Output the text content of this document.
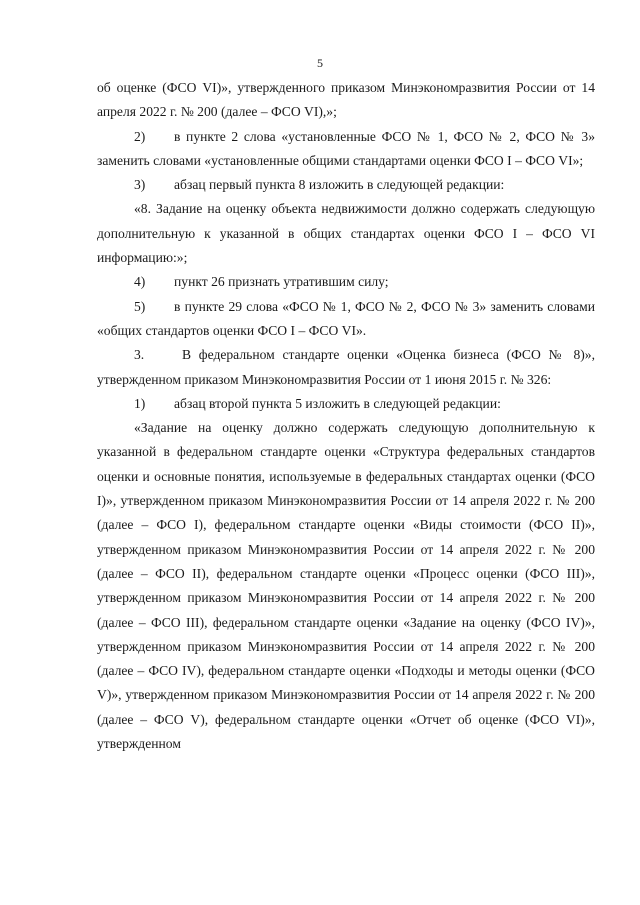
5

об оценке (ФСО VI)», утвержденного приказом Минэкономразвития России от 14 апреля 2022 г. № 200 (далее – ФСО VI),»;

2) в пункте 2 слова «установленные ФСО № 1, ФСО № 2, ФСО № 3» заменить словами «установленные общими стандартами оценки ФСО I – ФСО VI»;

3) абзац первый пункта 8 изложить в следующей редакции:

«8. Задание на оценку объекта недвижимости должно содержать следующую дополнительную к указанной в общих стандартах оценки ФСО I – ФСО VI информацию:»;

4) пункт 26 признать утратившим силу;

5) в пункте 29 слова «ФСО № 1, ФСО № 2, ФСО № 3» заменить словами «общих стандартов оценки ФСО I – ФСО VI».

3.	В федеральном стандарте оценки «Оценка бизнеса (ФСО № 8)», утвержденном приказом Минэкономразвития России от 1 июня 2015 г. № 326:

1) абзац второй пункта 5 изложить в следующей редакции:

«Задание на оценку должно содержать следующую дополнительную к указанной в федеральном стандарте оценки «Структура федеральных стандартов оценки и основные понятия, используемые в федеральных стандартах оценки (ФСО I)», утвержденном приказом Минэкономразвития России от 14 апреля 2022 г. № 200 (далее – ФСО I), федеральном стандарте оценки «Виды стоимости (ФСО II)», утвержденном приказом Минэкономразвития России от 14 апреля 2022 г. № 200 (далее – ФСО II), федеральном стандарте оценки «Процесс оценки (ФСО III)», утвержденном приказом Минэкономразвития России от 14 апреля 2022 г. № 200 (далее – ФСО III), федеральном стандарте оценки «Задание на оценку (ФСО IV)», утвержденном приказом Минэкономразвития России от 14 апреля 2022 г. № 200 (далее – ФСО IV), федеральном стандарте оценки «Подходы и методы оценки (ФСО V)», утвержденном приказом Минэкономразвития России от 14 апреля 2022 г. № 200 (далее – ФСО V), федеральном стандарте оценки «Отчет об оценке (ФСО VI)», утвержденном
